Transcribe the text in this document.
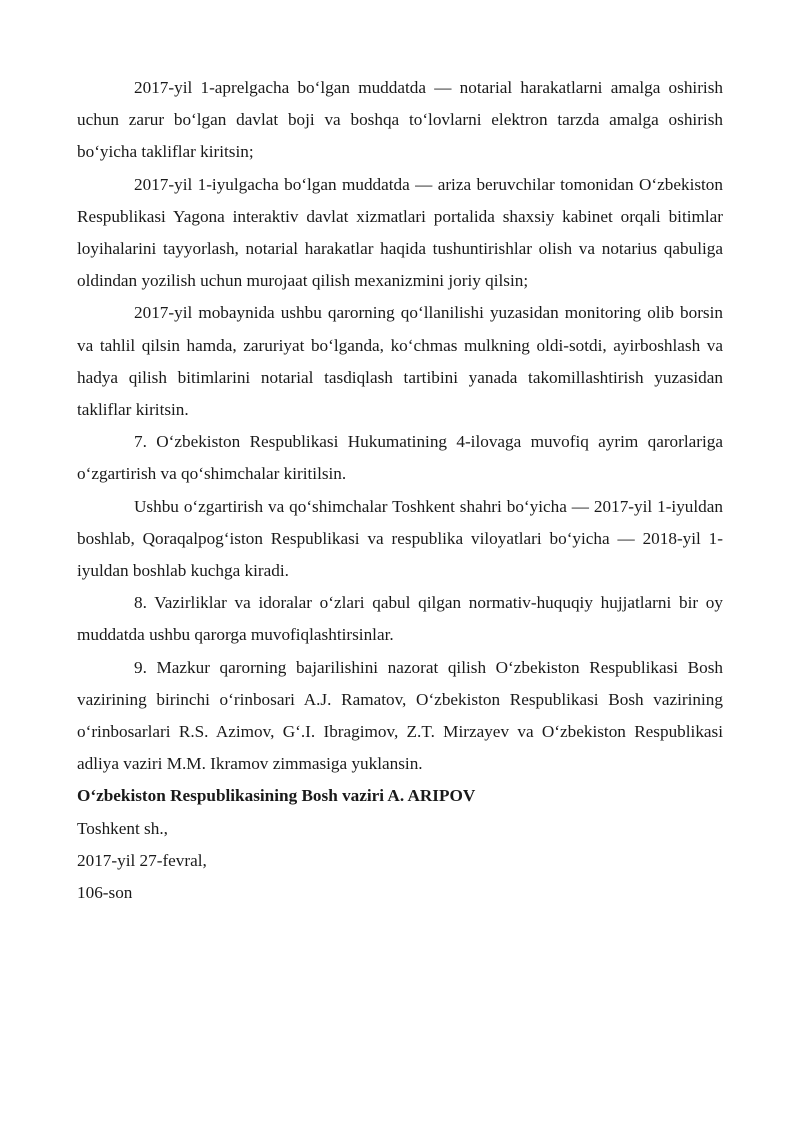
2017-yil 1-aprelgacha bo‘lgan muddatda — notarial harakatlarni amalga oshirish uchun zarur bo‘lgan davlat boji va boshqa to‘lovlarni elektron tarzda amalga oshirish bo‘yicha takliflar kiritsin;

2017-yil 1-iyulgacha bo‘lgan muddatda — ariza beruvchilar tomonidan O‘zbekiston Respublikasi Yagona interaktiv davlat xizmatlari portalida shaxsiy kabinet orqali bitimlar loyihalarini tayyorlash, notarial harakatlar haqida tushuntirishlar olish va notarius qabuliga oldindan yozilish uchun murojaat qilish mexanizmini joriy qilsin;

2017-yil mobaynida ushbu qarorning qo‘llanilishi yuzasidan monitoring olib borsin va tahlil qilsin hamda, zaruriyat bo‘lganda, ko‘chmas mulkning oldi-sotdi, ayirboshlash va hadya qilish bitimlarini notarial tasdiqlash tartibini yanada takomillashtirish yuzasidan takliflar kiritsin.

7. O‘zbekiston Respublikasi Hukumatining 4-ilovaga muvofiq ayrim qarorlariga o‘zgartirish va qo‘shimchalar kiritilsin.

Ushbu o‘zgartirish va qo‘shimchalar Toshkent shahri bo‘yicha — 2017-yil 1-iyuldan boshlab, Qoraqalpog‘iston Respublikasi va respublika viloyatlari bo‘yicha — 2018-yil 1-iyuldan boshlab kuchga kiradi.

8. Vazirliklar va idoralar o‘zlari qabul qilgan normativ-huquqiy hujjatlarni bir oy muddatda ushbu qarorga muvofiqlashtirsinlar.

9. Mazkur qarorning bajarilishini nazorat qilish O‘zbekiston Respublikasi Bosh vazirining birinchi o‘rinbosari A.J. Ramatov, O‘zbekiston Respublikasi Bosh vazirining o‘rinbosarlari R.S. Azimov, G‘.I. Ibragimov, Z.T. Mirzayev va O‘zbekiston Respublikasi adliya vaziri M.M. Ikramov zimmasiga yuklansin.

O‘zbekiston Respublikasining Bosh vaziri A. ARIPOV

Toshkent sh.,

2017-yil 27-fevral,

106-son
